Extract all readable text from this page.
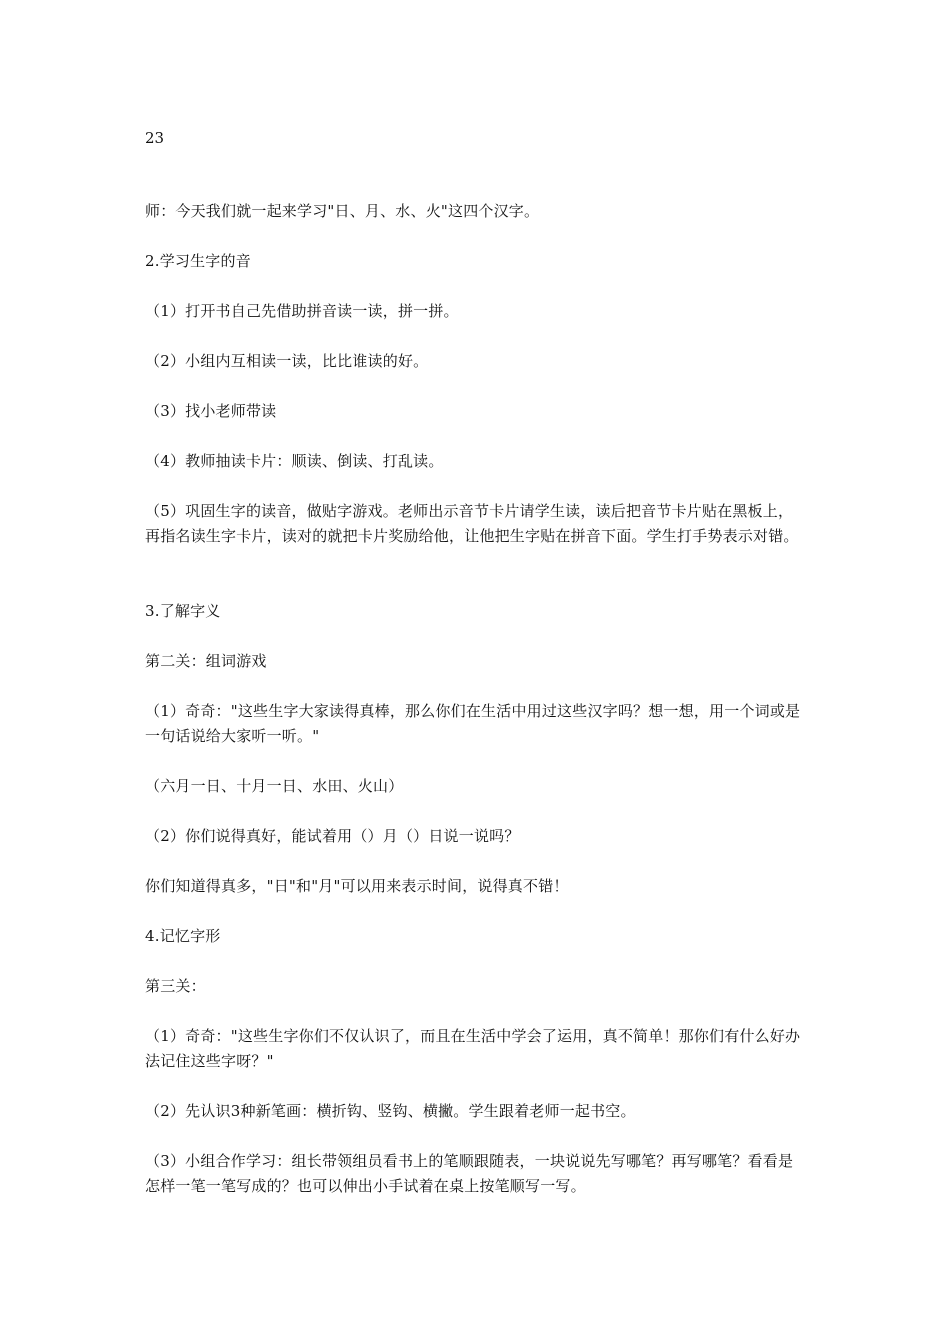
23

师：今天我们就一起来学习"日、月、水、火"这四个汉字。

2.学习生字的音

（1）打开书自己先借助拼音读一读，拼一拼。

（2）小组内互相读一读，比比谁读的好。

（3）找小老师带读

（4）教师抽读卡片：顺读、倒读、打乱读。

（5）巩固生字的读音，做贴字游戏。老师出示音节卡片请学生读，读后把音节卡片贴在黑板上，再指名读生字卡片，读对的就把卡片奖励给他，让他把生字贴在拼音下面。学生打手势表示对错。

3.了解字义

第二关：组词游戏

（1）奇奇："这些生字大家读得真棒，那么你们在生活中用过这些汉字吗？想一想，用一个词或是一句话说给大家听一听。"

（六月一日、十月一日、水田、火山）

（2）你们说得真好，能试着用（）月（）日说一说吗？

你们知道得真多，"日"和"月"可以用来表示时间，说得真不错！

4.记忆字形

第三关：

（1）奇奇："这些生字你们不仅认识了，而且在生活中学会了运用，真不简单！那你们有什么好办法记住这些字呀？"

（2）先认识3种新笔画：横折钩、竖钩、横撇。学生跟着老师一起书空。

（3）小组合作学习：组长带领组员看书上的笔顺跟随表，一块说说先写哪笔？再写哪笔？看看是怎样一笔一笔写成的？也可以伸出小手试着在桌上按笔顺写一写。
